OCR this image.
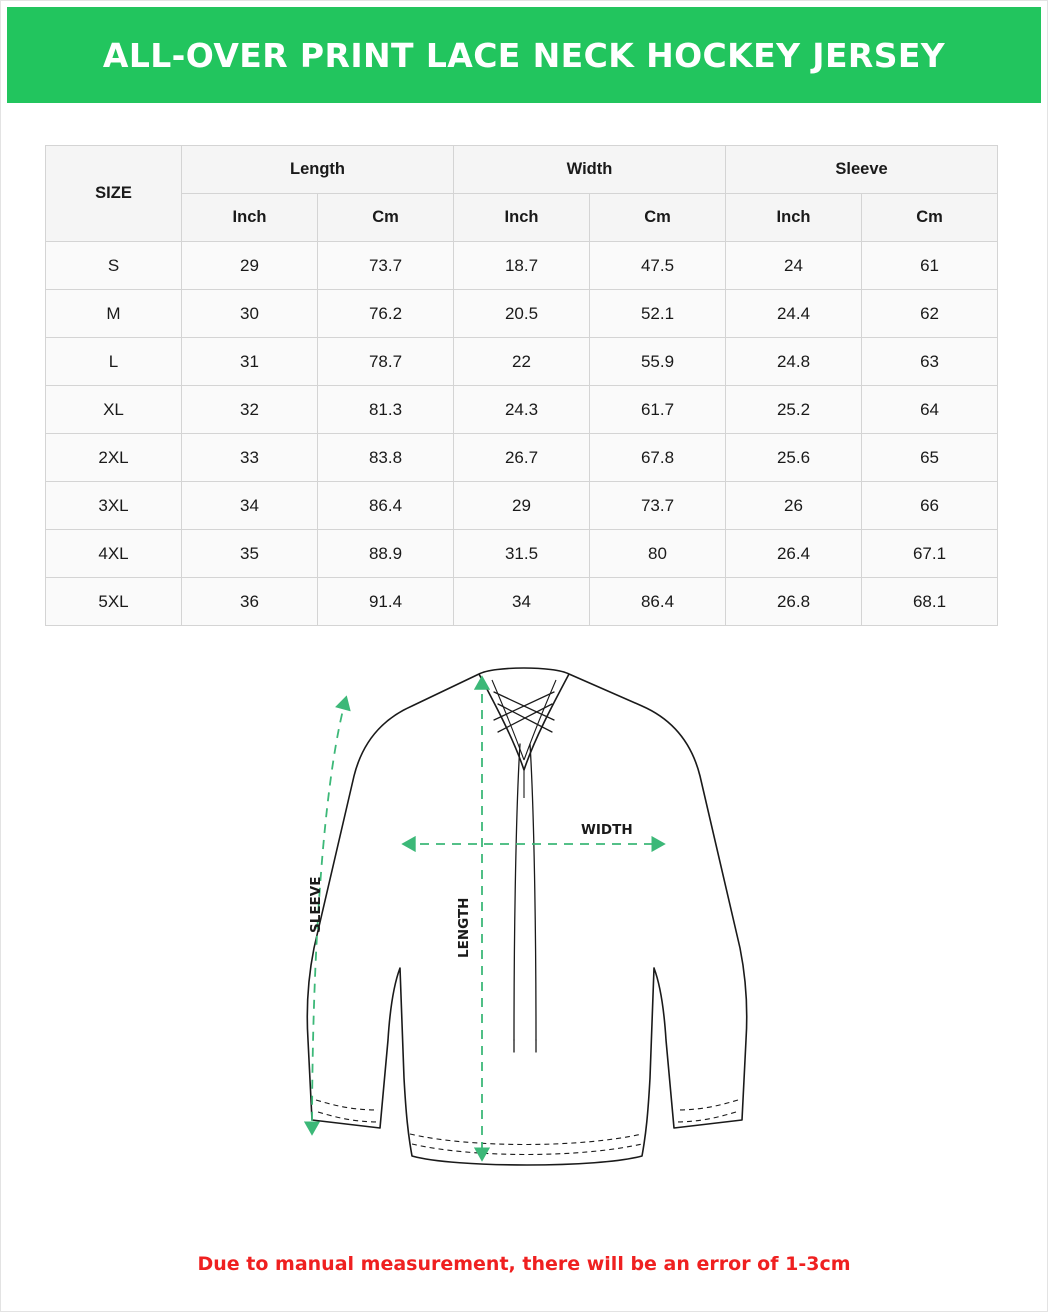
ALL-OVER PRINT LACE NECK HOCKEY JERSEY
SIZE	Length		Width		Sleeve	
	Inch	Cm	Inch	Cm	Inch	Cm
S	29	73.7	18.7	47.5	24	61
M	30	76.2	20.5	52.1	24.4	62
L	31	78.7	22	55.9	24.8	63
XL	32	81.3	24.3	61.7	25.2	64
2XL	33	83.8	26.7	67.8	25.6	65
3XL	34	86.4	29	73.7	26	66
4XL	35	88.9	31.5	80	26.4	67.1
5XL	36	91.4	34	86.4	26.8	68.1
WIDTH
LENGTH
SLEEVE
Due to manual measurement, there will be an error of 1-3cm
